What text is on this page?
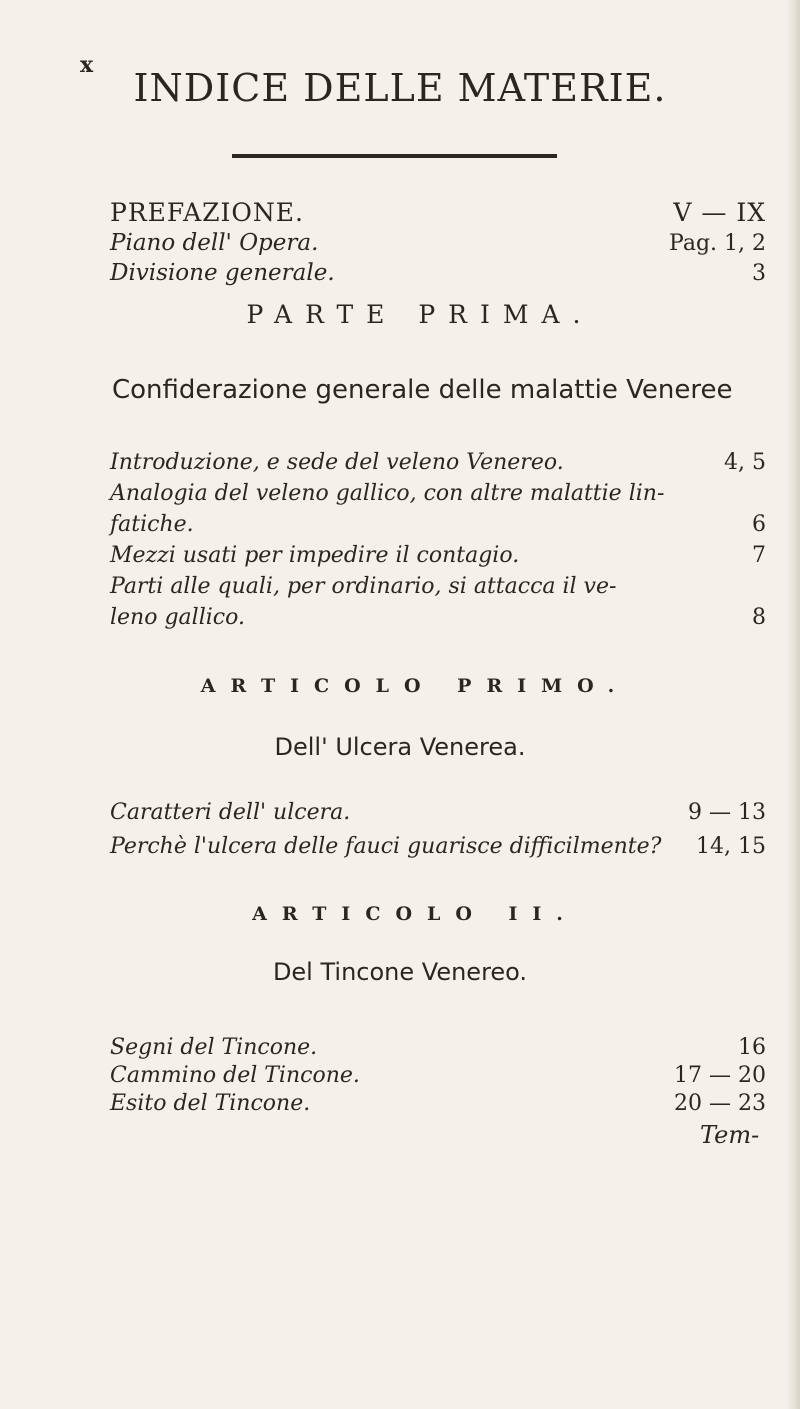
x
INDICE DELLE MATERIE.
PREFAZIONE.	V — IX
Piano dell' Opera.	Pag. 1, 2
Divisione generale.	3
PARTE PRIMA.
Confiderazione generale delle malattie Veneree
Introduzione, e sede del veleno Venereo.	4, 5
Analogia del veleno gallico, con altre malattie lin-
fatiche.	6
Mezzi usati per impedire il contagio.	7
Parti alle quali, per ordinario, si attacca il ve-
leno gallico.	8
ARTICOLO PRIMO.
Dell' Ulcera Venerea.
Caratteri dell' ulcera.	9 — 13
Perchè l'ulcera delle fauci guarisce difficilmente? 14, 15
ARTICOLO II.
Del Tincone Venereo.
Segni del Tincone.	16
Cammino del Tincone.	17 — 20
Esito del Tincone.	20 — 23
Tem-
